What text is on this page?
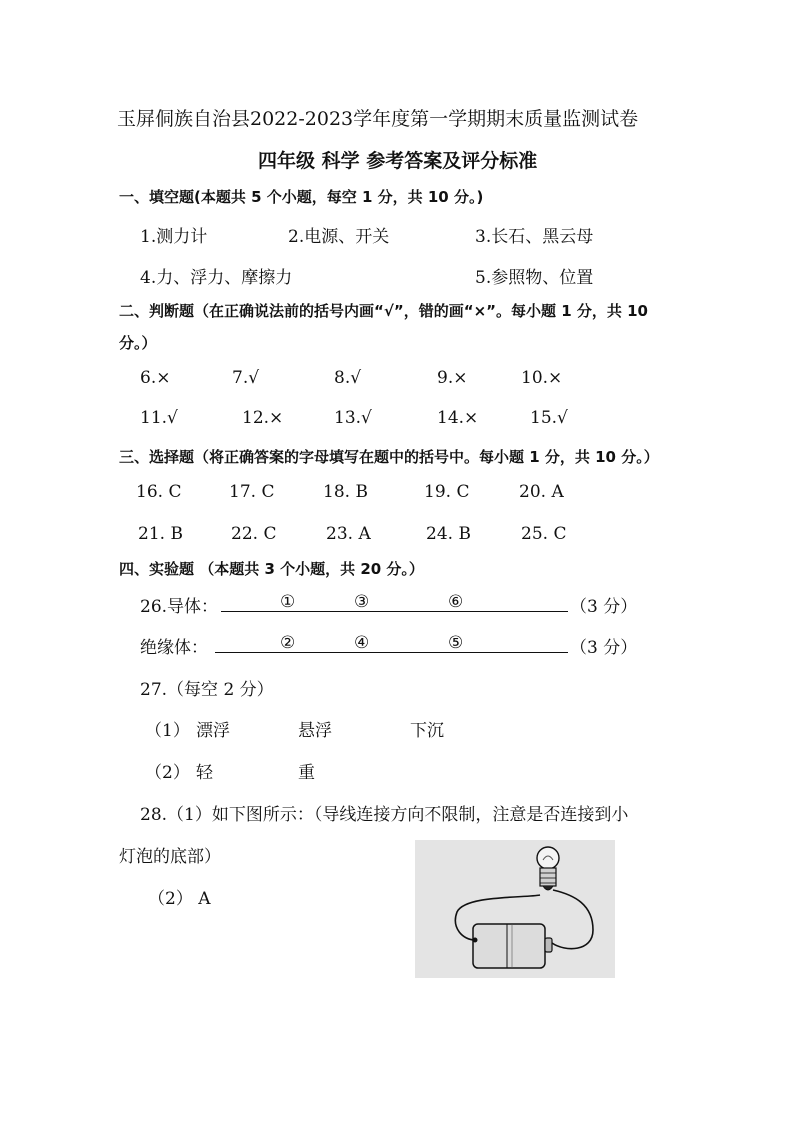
玉屏侗族自治县2022-2023学年度第一学期期末质量监测试卷
四年级 科学 参考答案及评分标准
一、填空题(本题共 5 个小题，每空 1 分，共 10 分。)
1.测力计	2.电源、开关	3.长石、黑云母
4.力、浮力、摩擦力	5.参照物、位置
二、判断题（在正确说法前的括号内画“√”，错的画“×”。每小题 1 分，共 10
分。）
6.×	7.√	8.√	9.×	10.×
11.√	12.×	13.√	14.×	15.√
三、选择题（将正确答案的字母填写在题中的括号中。每小题 1 分，共 10 分。）
16. C	17. C	18. B	19. C	20. A
21. B	22. C	23. A	24. B	25. C
四、实验题 （本题共 3 个小题，共 20 分。）
26.导体：	①	③	⑥	（3 分）
绝缘体：	②	④	⑤	（3 分）
27.（每空 2 分）
（1） 漂浮	悬浮	下沉
（2） 轻	重
28.（1）如下图所示：（导线连接方向不限制，注意是否连接到小
灯泡的底部）
（2） A
